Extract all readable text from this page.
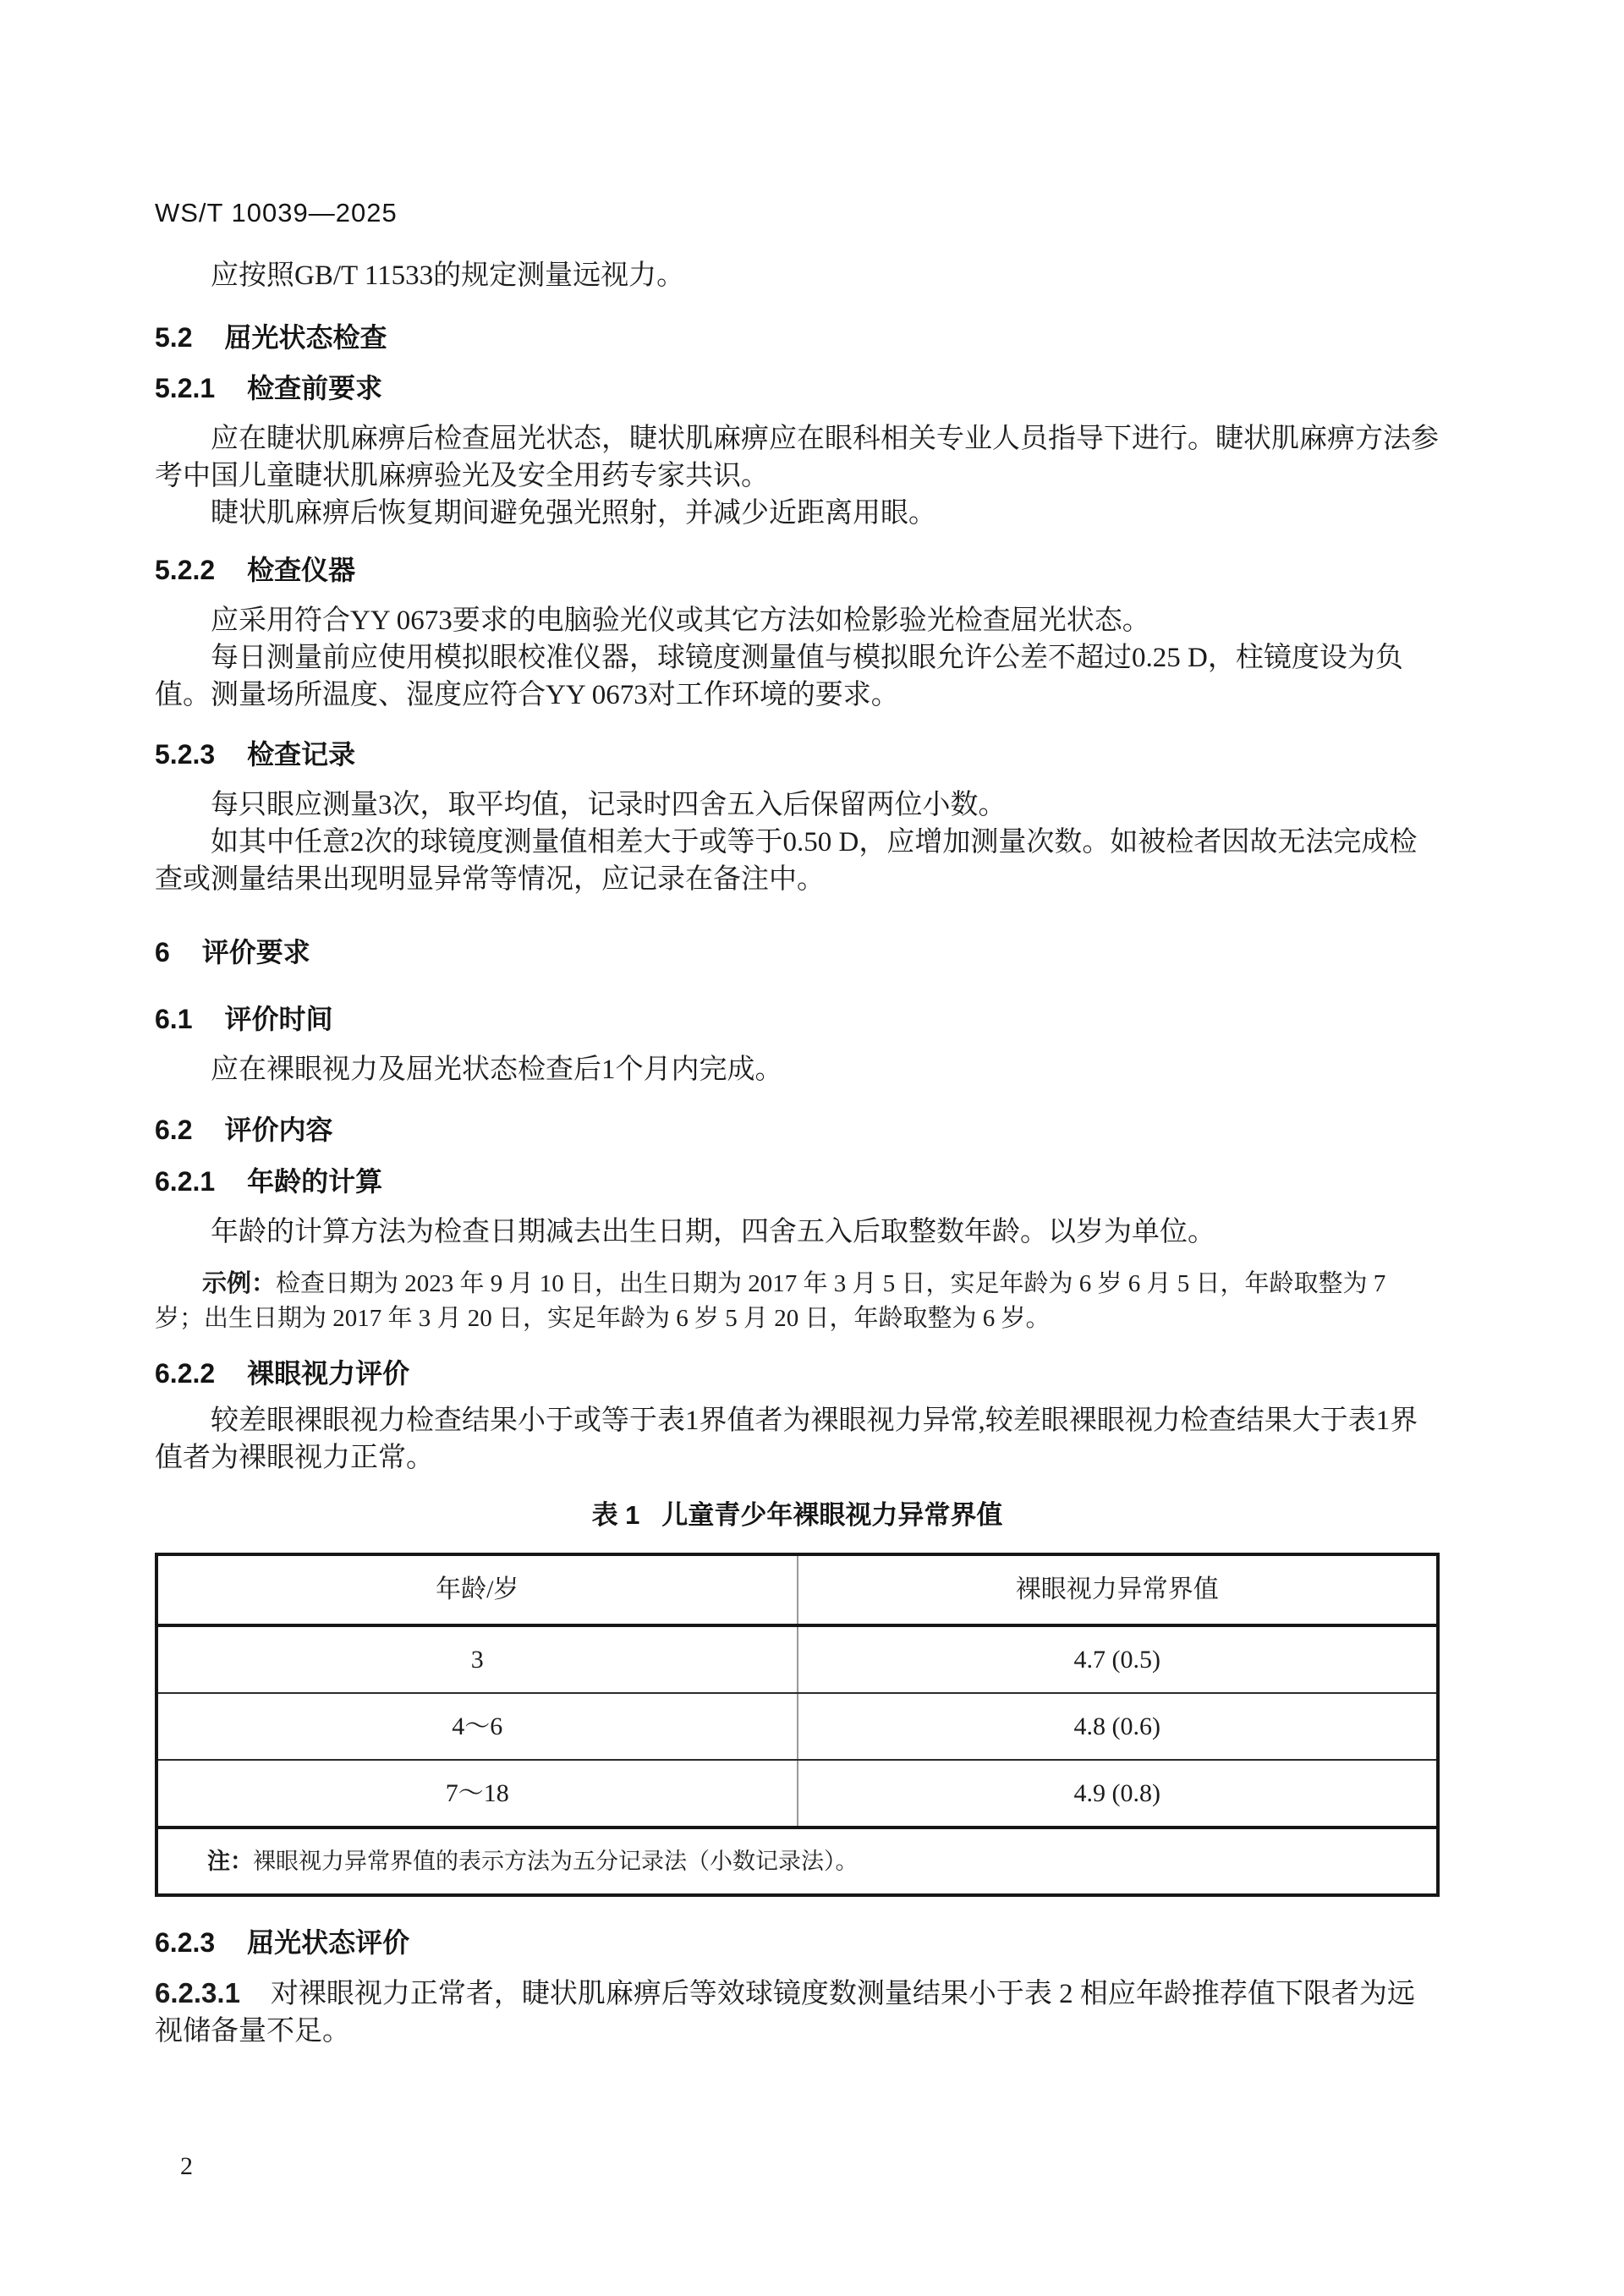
WS/T 10039—2025

应按照GB/T 11533的规定测量远视力。

5.2 屈光状态检查
5.2.1 检查前要求

应在睫状肌麻痹后检查屈光状态，睫状肌麻痹应在眼科相关专业人员指导下进行。睫状肌麻痹方法参考中国儿童睫状肌麻痹验光及安全用药专家共识。

睫状肌麻痹后恢复期间避免强光照射，并减少近距离用眼。

5.2.2 检查仪器

应采用符合YY 0673要求的电脑验光仪或其它方法如检影验光检查屈光状态。

每日测量前应使用模拟眼校准仪器，球镜度测量值与模拟眼允许公差不超过0.25 D，柱镜度设为负值。测量场所温度、湿度应符合YY 0673对工作环境的要求。

5.2.3 检查记录

每只眼应测量3次，取平均值，记录时四舍五入后保留两位小数。

如其中任意2次的球镜度测量值相差大于或等于0.50 D，应增加测量次数。如被检者因故无法完成检查或测量结果出现明显异常等情况，应记录在备注中。

6 评价要求
6.1 评价时间

应在裸眼视力及屈光状态检查后1个月内完成。

6.2 评价内容
6.2.1 年龄的计算

年龄的计算方法为检查日期减去出生日期，四舍五入后取整数年龄。以岁为单位。

示例：检查日期为 2023 年 9 月 10 日，出生日期为 2017 年 3 月 5 日，实足年龄为 6 岁 6 月 5 日，年龄取整为 7 岁；出生日期为 2017 年 3 月 20 日，实足年龄为 6 岁 5 月 20 日，年龄取整为 6 岁。

6.2.2 裸眼视力评价

较差眼裸眼视力检查结果小于或等于表1界值者为裸眼视力异常,较差眼裸眼视力检查结果大于表1界值者为裸眼视力正常。

表 1 儿童青少年裸眼视力异常界值
年龄/岁	裸眼视力异常界值
3	4.7 (0.5)
4～6	4.8 (0.6)
7～18	4.9 (0.8)
注：裸眼视力异常界值的表示方法为五分记录法（小数记录法）。	
6.2.3 屈光状态评价

6.2.3.1 对裸眼视力正常者，睫状肌麻痹后等效球镜度数测量结果小于表 2 相应年龄推荐值下限者为远视储备量不足。

2
